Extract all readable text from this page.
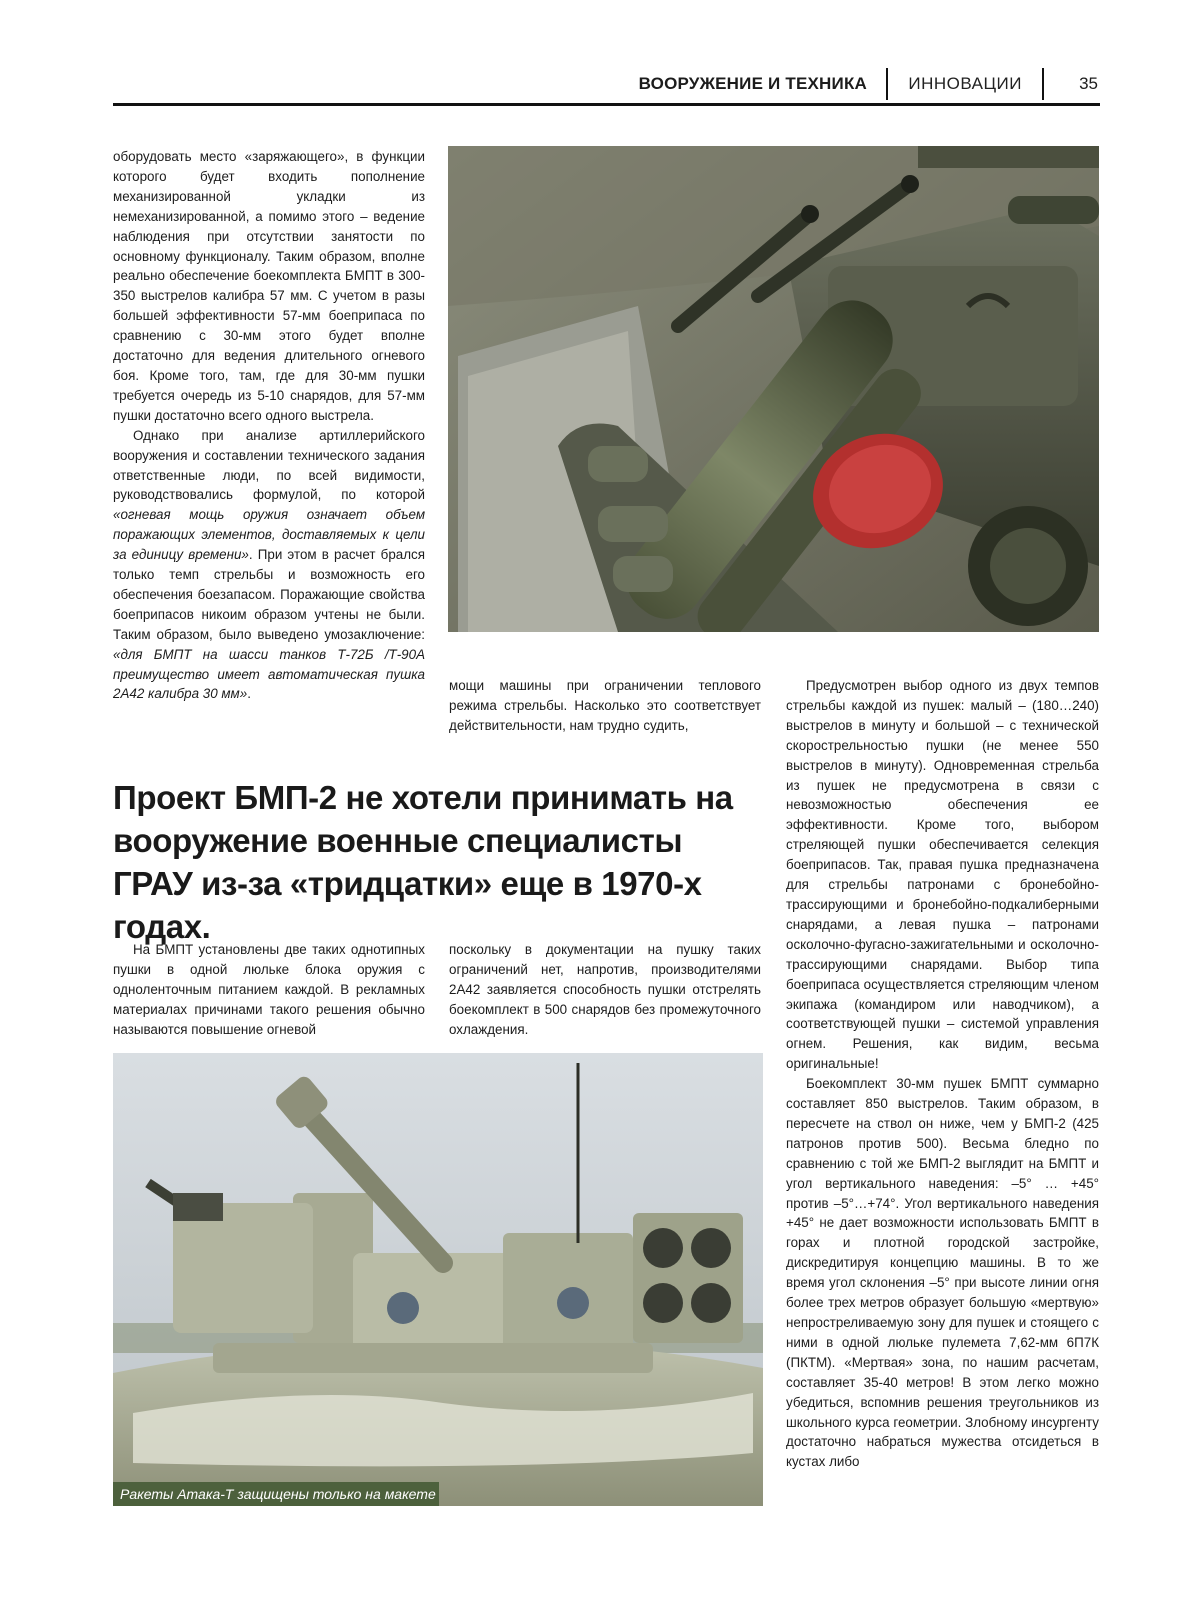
ВООРУЖЕНИЕ И ТЕХНИКА ИННОВАЦИИ	35

оборудовать место «заряжающего», в функции которого будет входить пополнение механизированной укладки из немеханизированной, а помимо этого – ведение наблюдения при отсутствии занятости по основному функционалу. Таким образом, вполне реально обеспечение боекомплекта БМПТ в 300-350 выстрелов калибра 57 мм. С учетом в разы большей эффективности 57-мм боеприпаса по сравнению с 30-мм этого будет вполне достаточно для ведения длительного огневого боя. Кроме того, там, где для 30-мм пушки требуется очередь из 5-10 снарядов, для 57-мм пушки достаточно всего одного выстрела.

Однако при анализе артиллерийского вооружения и составлении технического задания ответственные люди, по всей видимости, руководствовались формулой, по которой «огневая мощь оружия означает объем поражающих элементов, доставляемых к цели за единицу времени». При этом в расчет брался только темп стрельбы и возможность его обеспечения боезапасом. Поражающие свойства боеприпасов никоим образом учтены не были. Таким образом, было выведено умозаключение: «для БМПТ на шасси танков Т-72Б /Т-90А преимущество имеет автоматическая пушка 2А42 калибра 30 мм».

мощи машины при ограничении теплового режима стрельбы. Насколько это соответствует действительности, нам трудно судить,

Проект БМП-2 не хотели принимать на вооружение военные специалисты ГРАУ из-за «тридцатки» еще в 1970-х годах.

На БМПТ установлены две таких однотипных пушки в одной люльке блока оружия с одноленточным питанием каждой. В рекламных материалах причинами такого решения обычно называются повышение огневой

поскольку в документации на пушку таких ограничений нет, напротив, производителями 2А42 заявляется способность пушки отстрелять боекомплект в 500 снарядов без промежуточного охлаждения.

Предусмотрен выбор одного из двух темпов стрельбы каждой из пушек: малый – (180…240) выстрелов в минуту и большой – с технической скорострельностью пушки (не менее 550 выстрелов в минуту). Одновременная стрельба из пушек не предусмотрена в связи с невозможностью обеспечения ее эффективности. Кроме того, выбором стреляющей пушки обеспечивается селекция боеприпасов. Так, правая пушка предназначена для стрельбы патронами с бронебойно-трассирующими и бронебойно-подкалиберными снарядами, а левая пушка – патронами осколочно-фугасно-зажигательными и осколочно-трассирующими снарядами. Выбор типа боеприпаса осуществляется стреляющим членом экипажа (командиром или наводчиком), а соответствующей пушки – системой управления огнем. Решения, как видим, весьма оригинальные!

Боекомплект 30-мм пушек БМПТ суммарно составляет 850 выстрелов. Таким образом, в пересчете на ствол он ниже, чем у БМП-2 (425 патронов против 500). Весьма бледно по сравнению с той же БМП-2 выглядит на БМПТ и угол вертикального наведения: –5° … +45° против –5°…+74°. Угол вертикального наведения +45° не дает возможности использовать БМПТ в горах и плотной городской застройке, дискредитируя концепцию машины. В то же время угол склонения –5° при высоте линии огня более трех метров образует большую «мертвую» непростреливаемую зону для пушек и стоящего с ними в одной люльке пулемета 7,62-мм 6П7К (ПКТМ). «Мертвая» зона, по нашим расчетам, составляет 35-40 метров! В этом легко можно убедиться, вспомнив решения треугольников из школьного курса геометрии. Злобному инсургенту достаточно набраться мужества отсидеться в кустах либо

Ракеты Атака-Т защищены только на макете
